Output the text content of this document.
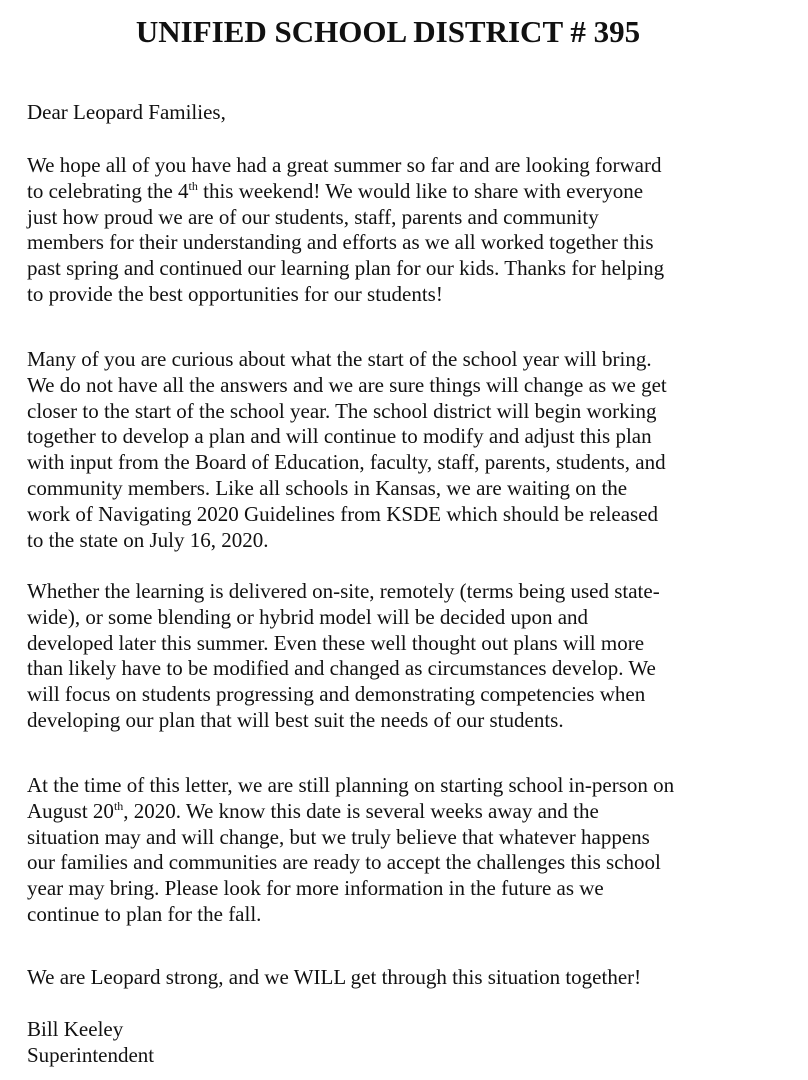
UNIFIED SCHOOL DISTRICT # 395

Dear Leopard Families,

We hope all of you have had a great summer so far and are looking forward
to celebrating the 4th this weekend! We would like to share with everyone
just how proud we are of our students, staff, parents and community
members for their understanding and efforts as we all worked together this
past spring and continued our learning plan for our kids. Thanks for helping
to provide the best opportunities for our students!

Many of you are curious about what the start of the school year will bring.
We do not have all the answers and we are sure things will change as we get
closer to the start of the school year. The school district will begin working
together to develop a plan and will continue to modify and adjust this plan
with input from the Board of Education, faculty, staff, parents, students, and
community members. Like all schools in Kansas, we are waiting on the
work of Navigating 2020 Guidelines from KSDE which should be released
to the state on July 16, 2020.

Whether the learning is delivered on-site, remotely (terms being used state-
wide), or some blending or hybrid model will be decided upon and
developed later this summer. Even these well thought out plans will more
than likely have to be modified and changed as circumstances develop. We
will focus on students progressing and demonstrating competencies when
developing our plan that will best suit the needs of our students.

At the time of this letter, we are still planning on starting school in-person on
August 20th, 2020. We know this date is several weeks away and the
situation may and will change, but we truly believe that whatever happens
our families and communities are ready to accept the challenges this school
year may bring. Please look for more information in the future as we
continue to plan for the fall.

We are Leopard strong, and we WILL get through this situation together!

Bill Keeley
Superintendent
